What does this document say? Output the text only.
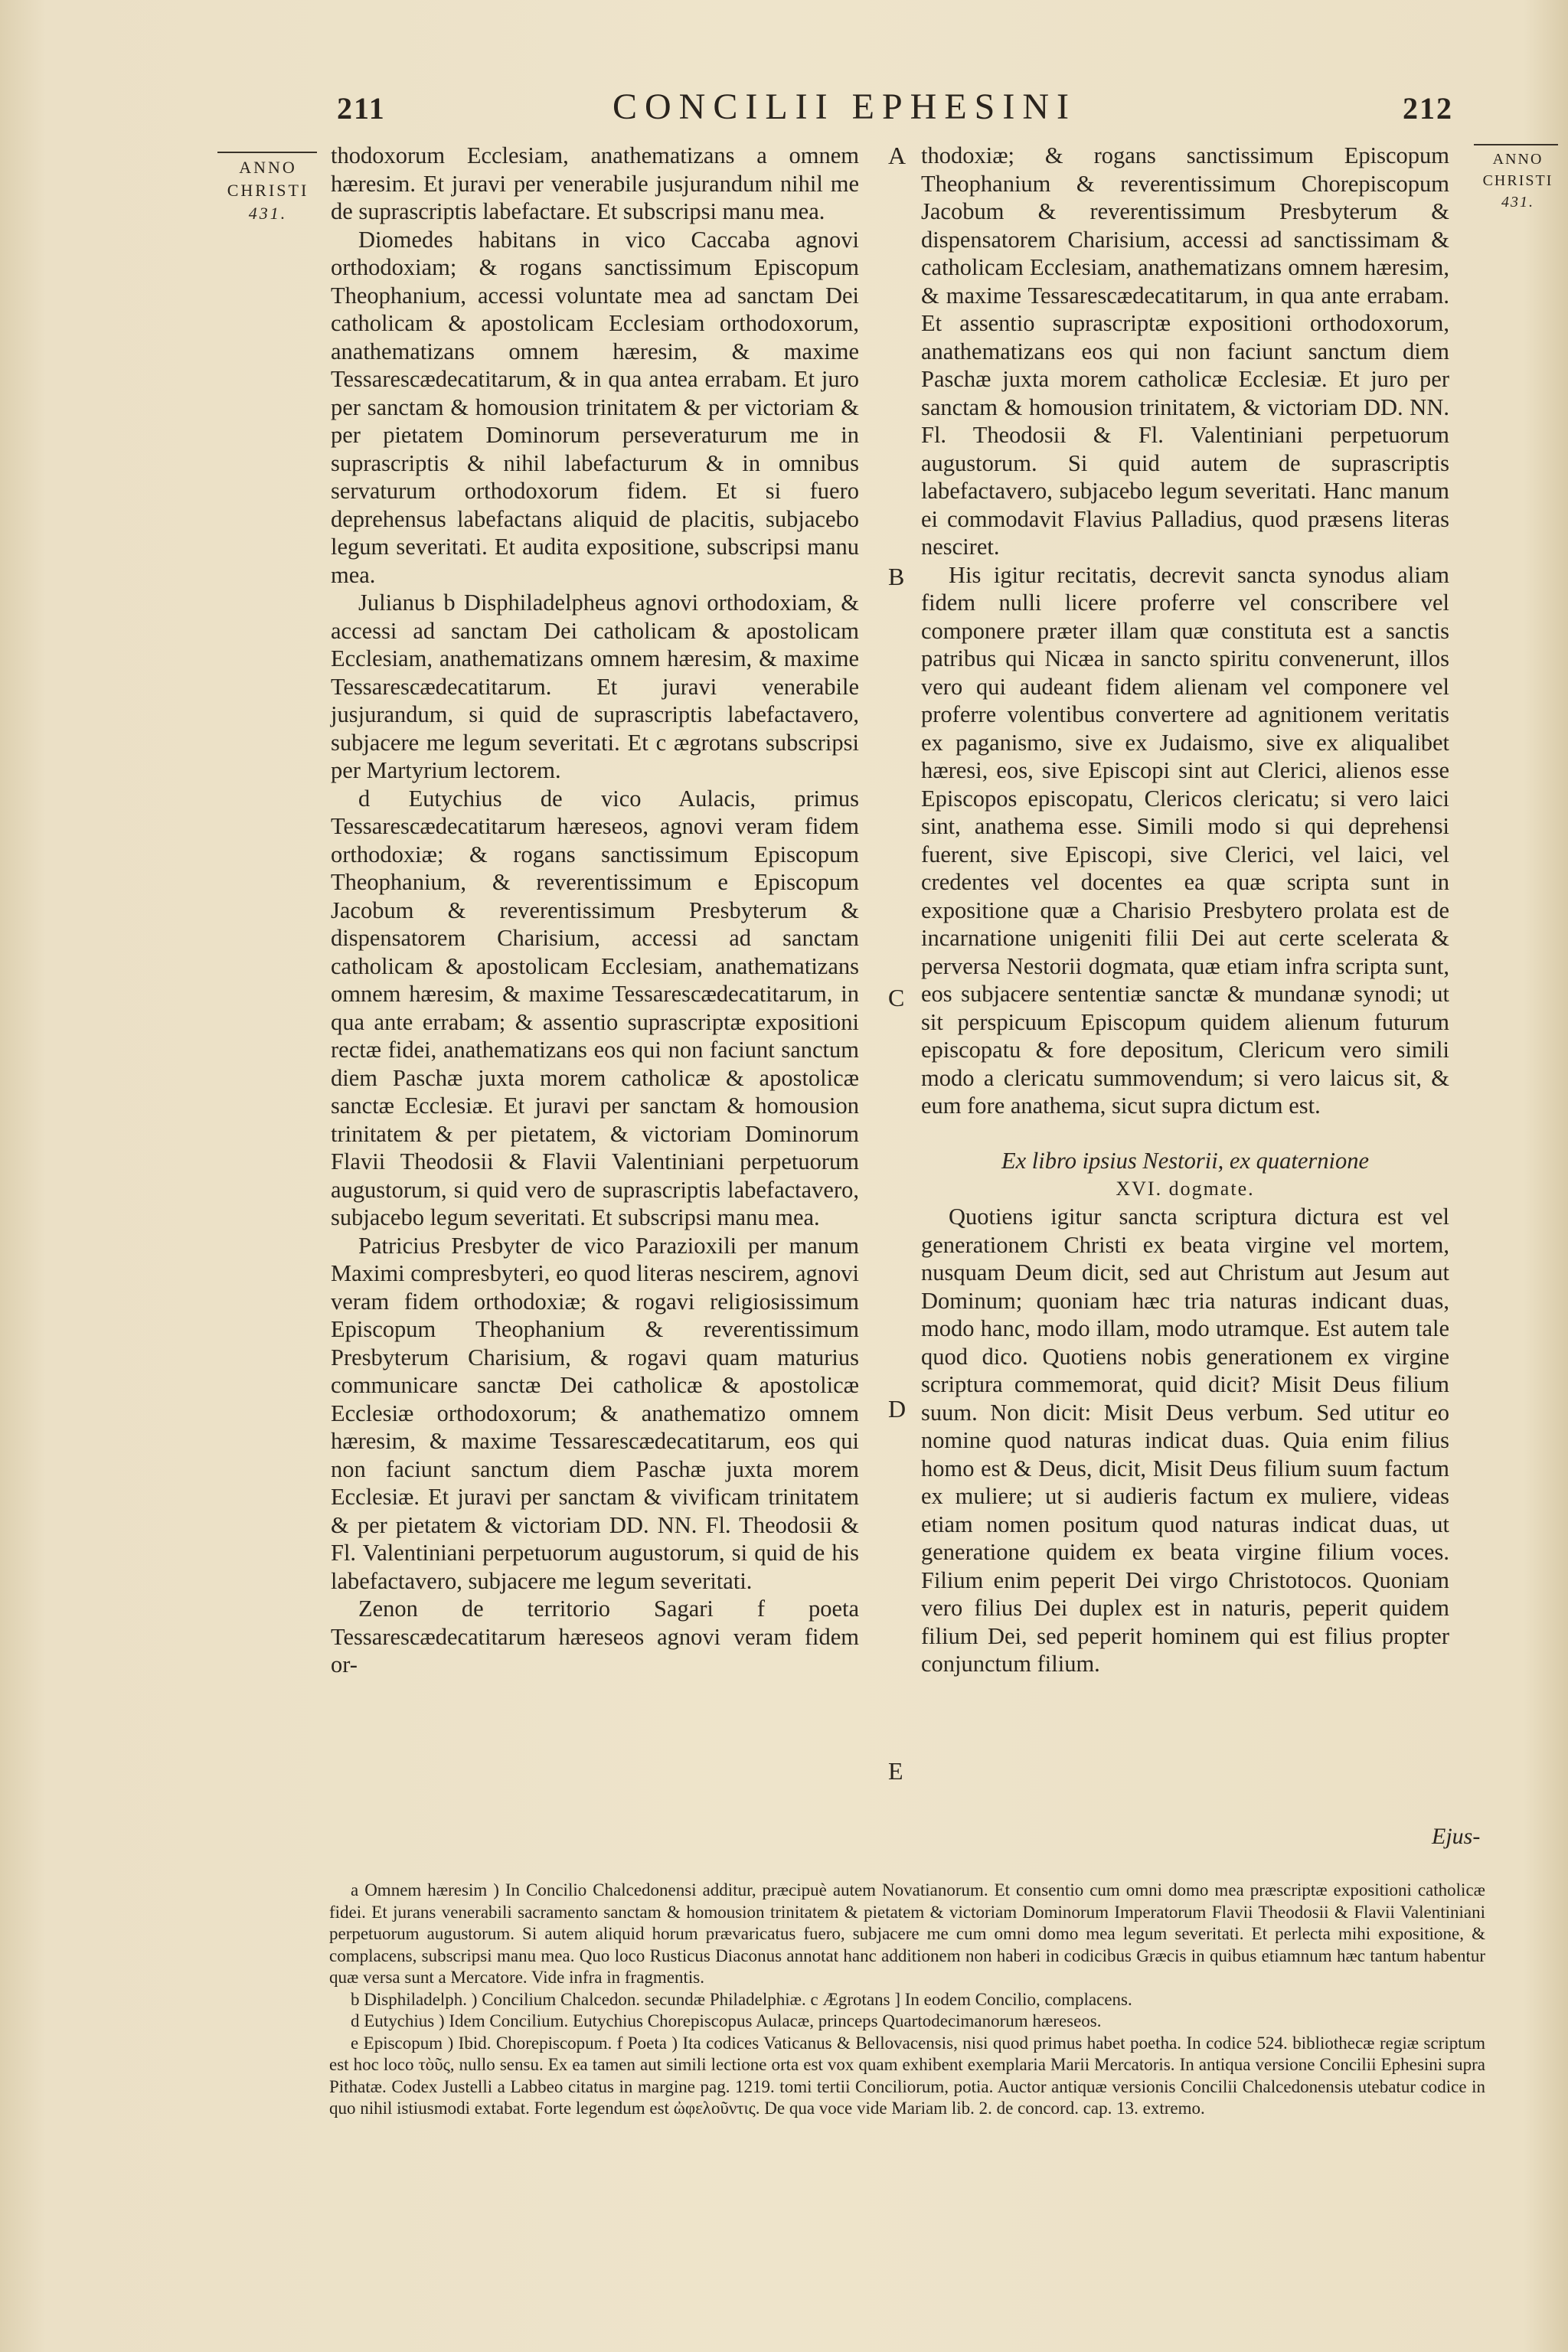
211	CONCILII EPHESINI	212
ANNO
CHRISTI
431.
ANNO
CHRISTI
431.
A
B
C
D
E

thodoxorum Ecclesiam, anathematizans a omnem hæresim. Et juravi per venerabile jusjurandum nihil me de suprascriptis labefactare. Et subscripsi manu mea.

Diomedes habitans in vico Caccaba agnovi orthodoxiam; & rogans sanctissimum Episcopum Theophanium, accessi voluntate mea ad sanctam Dei catholicam & apostolicam Ecclesiam orthodoxorum, anathematizans omnem hæresim, & maxime Tessarescædecatitarum, & in qua antea errabam. Et juro per sanctam & homousion trinitatem & per victoriam & per pietatem Dominorum perseveraturum me in suprascriptis & nihil labefacturum & in omnibus servaturum orthodoxorum fidem. Et si fuero deprehensus labefactans aliquid de placitis, subjacebo legum severitati. Et audita expositione, subscripsi manu mea.

Julianus b Disphiladelpheus agnovi orthodoxiam, & accessi ad sanctam Dei catholicam & apostolicam Ecclesiam, anathematizans omnem hæresim, & maxime Tessarescædecatitarum. Et juravi venerabile jusjurandum, si quid de suprascriptis labefactavero, subjacere me legum severitati. Et c ægrotans subscripsi per Martyrium lectorem.

d Eutychius de vico Aulacis, primus Tessarescædecatitarum hæreseos, agnovi veram fidem orthodoxiæ; & rogans sanctissimum Episcopum Theophanium, & reverentissimum e Episcopum Jacobum & reverentissimum Presbyterum & dispensatorem Charisium, accessi ad sanctam catholicam & apostolicam Ecclesiam, anathematizans omnem hæresim, & maxime Tessarescædecatitarum, in qua ante errabam; & assentio suprascriptæ expositioni rectæ fidei, anathematizans eos qui non faciunt sanctum diem Paschæ juxta morem catholicæ & apostolicæ sanctæ Ecclesiæ. Et juravi per sanctam & homousion trinitatem & per pietatem, & victoriam Dominorum Flavii Theodosii & Flavii Valentiniani perpetuorum augustorum, si quid vero de suprascriptis labefactavero, subjacebo legum severitati. Et subscripsi manu mea.

Patricius Presbyter de vico Parazioxili per manum Maximi compresbyteri, eo quod literas nescirem, agnovi veram fidem orthodoxiæ; & rogavi religiosissimum Episcopum Theophanium & reverentissimum Presbyterum Charisium, & rogavi quam maturius communicare sanctæ Dei catholicæ & apostolicæ Ecclesiæ orthodoxorum; & anathematizo omnem hæresim, & maxime Tessarescædecatitarum, eos qui non faciunt sanctum diem Paschæ juxta morem Ecclesiæ. Et juravi per sanctam & vivificam trinitatem & per pietatem & victoriam DD. NN. Fl. Theodosii & Fl. Valentiniani perpetuorum augustorum, si quid de his labefactavero, subjacere me legum severitati.

Zenon de territorio Sagari f poeta Tessarescædecatitarum hæreseos agnovi veram fidem or-

thodoxiæ; & rogans sanctissimum Episcopum Theophanium & reverentissimum Chorepiscopum Jacobum & reverentissimum Presbyterum & dispensatorem Charisium, accessi ad sanctissimam & catholicam Ecclesiam, anathematizans omnem hæresim, & maxime Tessarescædecatitarum, in qua ante errabam. Et assentio suprascriptæ expositioni orthodoxorum, anathematizans eos qui non faciunt sanctum diem Paschæ juxta morem catholicæ Ecclesiæ. Et juro per sanctam & homousion trinitatem, & victoriam DD. NN. Fl. Theodosii & Fl. Valentiniani perpetuorum augustorum. Si quid autem de suprascriptis labefactavero, subjacebo legum severitati. Hanc manum ei commodavit Flavius Palladius, quod præsens literas nesciret.

His igitur recitatis, decrevit sancta synodus aliam fidem nulli licere proferre vel conscribere vel componere præter illam quæ constituta est a sanctis patribus qui Nicæa in sancto spiritu convenerunt, illos vero qui audeant fidem alienam vel componere vel proferre volentibus convertere ad agnitionem veritatis ex paganismo, sive ex Judaismo, sive ex aliqualibet hæresi, eos, sive Episcopi sint aut Clerici, alienos esse Episcopos episcopatu, Clericos clericatu; si vero laici sint, anathema esse. Simili modo si qui deprehensi fuerent, sive Episcopi, sive Clerici, vel laici, vel credentes vel docentes ea quæ scripta sunt in expositione quæ a Charisio Presbytero prolata est de incarnatione unigeniti filii Dei aut certe scelerata & perversa Nestorii dogmata, quæ etiam infra scripta sunt, eos subjacere sententiæ sanctæ & mundanæ synodi; ut sit perspicuum Episcopum quidem alienum futurum episcopatu & fore depositum, Clericum vero simili modo a clericatu summovendum; si vero laicus sit, & eum fore anathema, sicut supra dictum est.

Ex libro ipsius Nestorii, ex quaternione

XVI. dogmate.

Quotiens igitur sancta scriptura dictura est vel generationem Christi ex beata virgine vel mortem, nusquam Deum dicit, sed aut Christum aut Jesum aut Dominum; quoniam hæc tria naturas indicant duas, modo hanc, modo illam, modo utramque. Est autem tale quod dico. Quotiens nobis generationem ex virgine scriptura commemorat, quid dicit? Misit Deus filium suum. Non dicit: Misit Deus verbum. Sed utitur eo nomine quod naturas indicat duas. Quia enim filius homo est & Deus, dicit, Misit Deus filium suum factum ex muliere; ut si audieris factum ex muliere, videas etiam nomen positum quod naturas indicat duas, ut generatione quidem ex beata virgine filium voces. Filium enim peperit Dei virgo Christotocos. Quoniam vero filius Dei duplex est in naturis, peperit quidem filium Dei, sed peperit hominem qui est filius propter conjunctum filium.

Ejus-

a Omnem hæresim ) In Concilio Chalcedonensi additur, præcipuè autem Novatianorum. Et consentio cum omni domo mea præscriptæ expositioni catholicæ fidei. Et jurans venerabili sacramento sanctam & homousion trinitatem & pietatem & victoriam Dominorum Imperatorum Flavii Theodosii & Flavii Valentiniani perpetuorum augustorum. Si autem aliquid horum prævaricatus fuero, subjacere me cum omni domo mea legum severitati. Et perlecta mihi expositione, & complacens, subscripsi manu mea. Quo loco Rusticus Diaconus annotat hanc additionem non haberi in codicibus Græcis in quibus etiamnum hæc tantum habentur quæ versa sunt a Mercatore. Vide infra in fragmentis.

b Disphiladelph. ) Concilium Chalcedon. secundæ Philadelphiæ. c Ægrotans ] In eodem Concilio, complacens.

d Eutychius ) Idem Concilium. Eutychius Chorepiscopus Aulacæ, princeps Quartodecimanorum hæreseos.

e Episcopum ) Ibid. Chorepiscopum. f Poeta ) Ita codices Vaticanus & Bellovacensis, nisi quod primus habet poetha. In codice 524. bibliothecæ regiæ scriptum est hoc loco τὸῦς, nullo sensu. Ex ea tamen aut simili lectione orta est vox quam exhibent exemplaria Marii Mercatoris. In antiqua versione Concilii Ephesini supra Pithatæ. Codex Justelli a Labbeo citatus in margine pag. 1219. tomi tertii Conciliorum, potia. Auctor antiquæ versionis Concilii Chalcedonensis utebatur codice in quo nihil istiusmodi extabat. Forte legendum est ὠφελοῦντις. De qua voce vide Mariam lib. 2. de concord. cap. 13. extremo.
